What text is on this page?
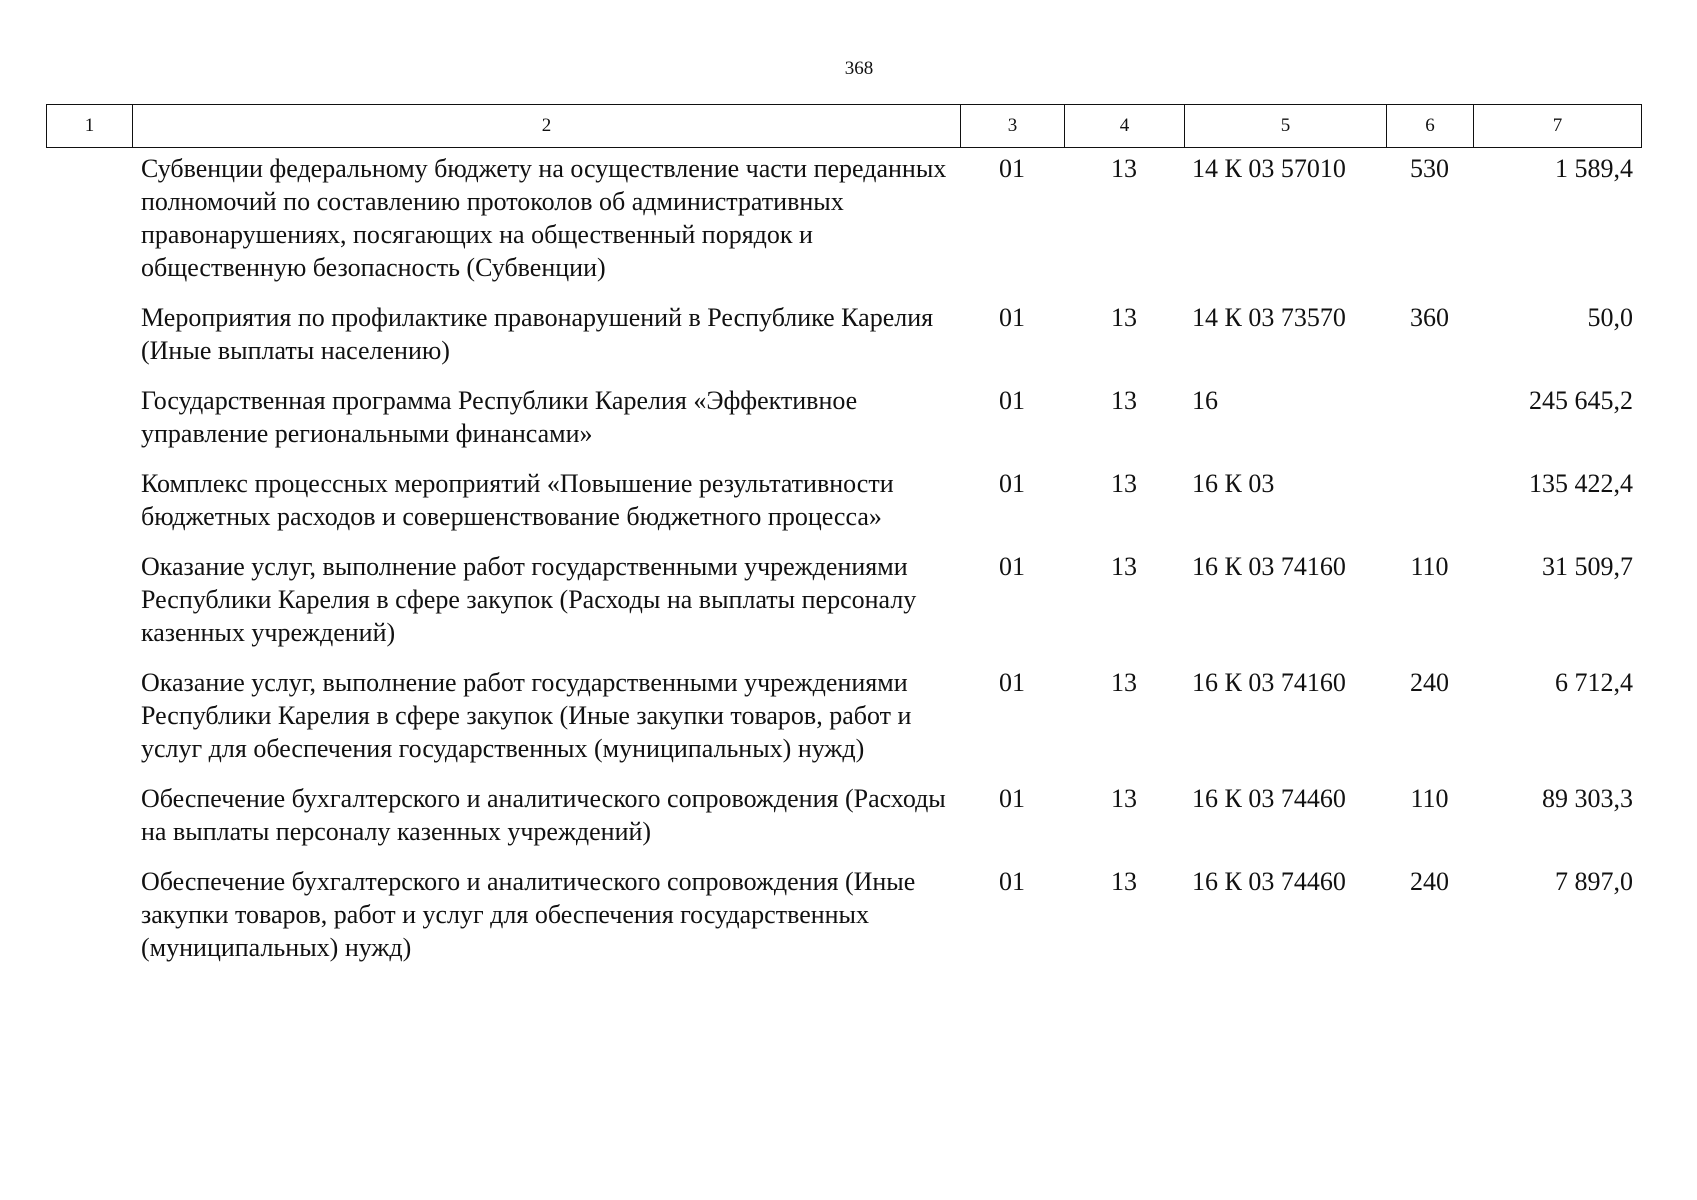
368
1	2	3	4	5	6	7
Субвенции федеральному бюджету на осуществление части переданных полномочий по составлению протоколов об административных правонарушениях, посягающих на общественный порядок и общественную безопасность (Субвенции)	01	13	14 К 03 57010	530	1 589,4
Мероприятия по профилактике правонарушений в Республике Карелия (Иные выплаты населению)	01	13	14 К 03 73570	360	50,0
Государственная программа Республики Карелия «Эффективное управление региональными финансами»	01	13	16		245 645,2
Комплекс процессных мероприятий «Повышение результативности бюджетных расходов и совершенствование бюджетного процесса»	01	13	16 К 03		135 422,4
Оказание услуг, выполнение работ государственными учреждениями Республики Карелия в сфере закупок (Расходы на выплаты персоналу казенных учреждений)	01	13	16 К 03 74160	110	31 509,7
Оказание услуг, выполнение работ государственными учреждениями Республики Карелия в сфере закупок (Иные закупки товаров, работ и услуг для обеспечения государственных (муниципальных) нужд)	01	13	16 К 03 74160	240	6 712,4
Обеспечение бухгалтерского и аналитического сопровождения (Расходы на выплаты персоналу казенных учреждений)	01	13	16 К 03 74460	110	89 303,3
Обеспечение бухгалтерского и аналитического сопровождения (Иные закупки товаров, работ и услуг для обеспечения государственных (муниципальных) нужд)	01	13	16 К 03 74460	240	7 897,0
